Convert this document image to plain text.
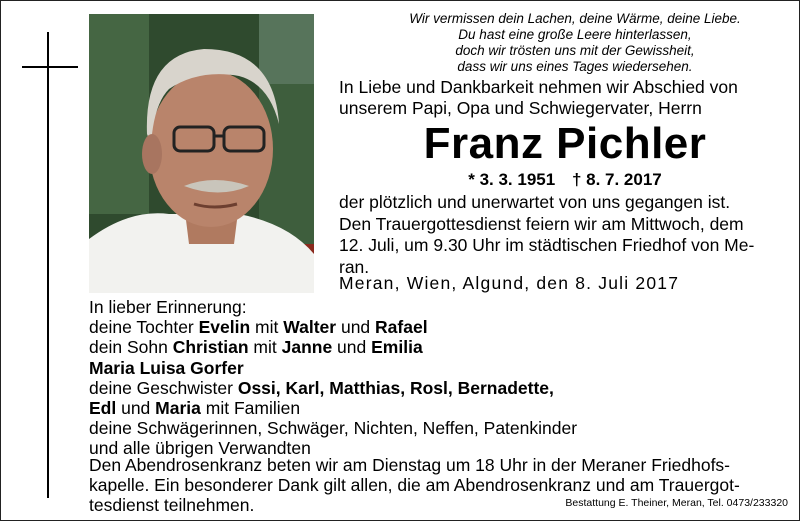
Wir vermissen dein Lachen, deine Wärme, deine Liebe.
Du hast eine große Leere hinterlassen,
doch wir trösten uns mit der Gewissheit,
dass wir uns eines Tages wiedersehen.
In Liebe und Dankbarkeit nehmen wir Abschied von
unserem Papi, Opa und Schwiegervater, Herrn
Franz Pichler
* 3. 3. 1951 † 8. 7. 2017
der plötzlich und unerwartet von uns gegangen ist.
Den Trauergottesdienst feiern wir am Mittwoch, dem
12. Juli, um 9.30 Uhr im städtischen Friedhof von Me-
ran.
Meran, Wien, Algund, den 8. Juli 2017
In lieber Erinnerung:
deine Tochter Evelin mit Walter und Rafael
dein Sohn Christian mit Janne und Emilia
Maria Luisa Gorfer
deine Geschwister Ossi, Karl, Matthias, Rosl, Bernadette,
Edl und Maria mit Familien
deine Schwägerinnen, Schwäger, Nichten, Neffen, Patenkinder
und alle übrigen Verwandten
Den Abendrosenkranz beten wir am Dienstag um 18 Uhr in der Meraner Friedhofs-
kapelle. Ein besonderer Dank gilt allen, die am Abendrosenkranz und am Trauergot-
tesdienst teilnehmen.	Bestattung E. Theiner, Meran, Tel. 0473/233320
